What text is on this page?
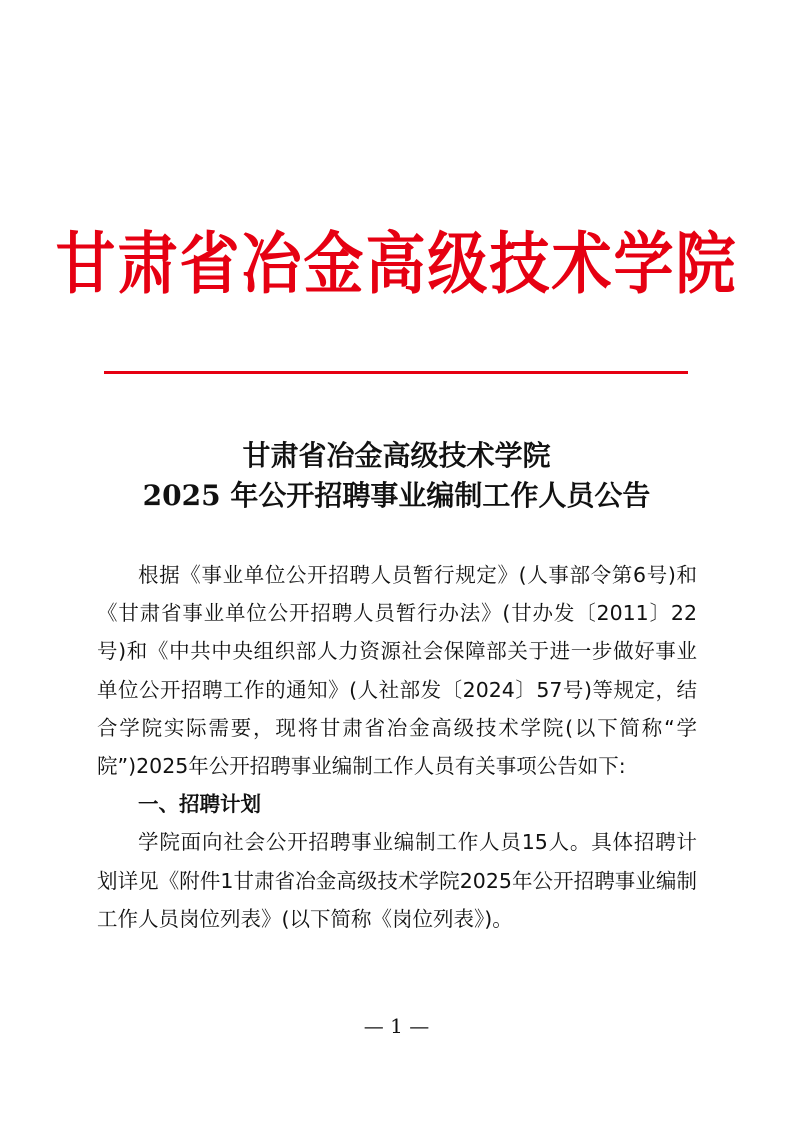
甘肃省冶金高级技术学院
甘肃省冶金高级技术学院
2025 年公开招聘事业编制工作人员公告

根据《事业单位公开招聘人员暂行规定》(人事部令第6号)和《甘肃省事业单位公开招聘人员暂行办法》(甘办发〔2011〕22号)和《中共中央组织部人力资源社会保障部关于进一步做好事业单位公开招聘工作的通知》(人社部发〔2024〕57号)等规定，结合学院实际需要，现将甘肃省冶金高级技术学院(以下简称“学院”)2025年公开招聘事业编制工作人员有关事项公告如下:

一、招聘计划

学院面向社会公开招聘事业编制工作人员15人。具体招聘计划详见《附件1甘肃省冶金高级技术学院2025年公开招聘事业编制工作人员岗位列表》(以下简称《岗位列表》)。

— 1 —
